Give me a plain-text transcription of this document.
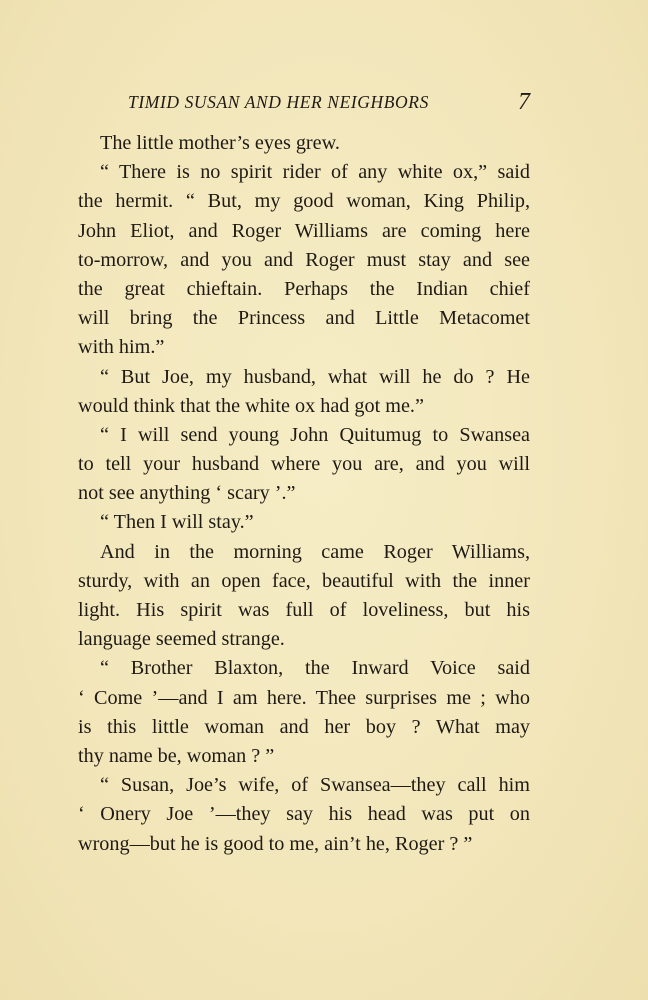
TIMID SUSAN AND HER NEIGHBORS	7
The little mother’s eyes grew.
“ There is no spirit rider of any white ox,” said
the hermit. “ But, my good woman, King Philip,
John Eliot, and Roger Williams are coming here
to-morrow, and you and Roger must stay and see
the great chieftain. Perhaps the Indian chief
will bring the Princess and Little Metacomet
with him.”
“ But Joe, my husband, what will he do ? He
would think that the white ox had got me.”
“ I will send young John Quitumug to Swansea
to tell your husband where you are, and you will
not see anything ‘ scary ’.”
“ Then I will stay.”
And in the morning came Roger Williams,
sturdy, with an open face, beautiful with the inner
light. His spirit was full of loveliness, but his
language seemed strange.
“ Brother Blaxton, the Inward Voice said
‘ Come ’—and I am here. Thee surprises me ; who
is this little woman and her boy ? What may
thy name be, woman ? ”
“ Susan, Joe’s wife, of Swansea—they call him
‘ Onery Joe ’—they say his head was put on
wrong—but he is good to me, ain’t he, Roger ? ”
